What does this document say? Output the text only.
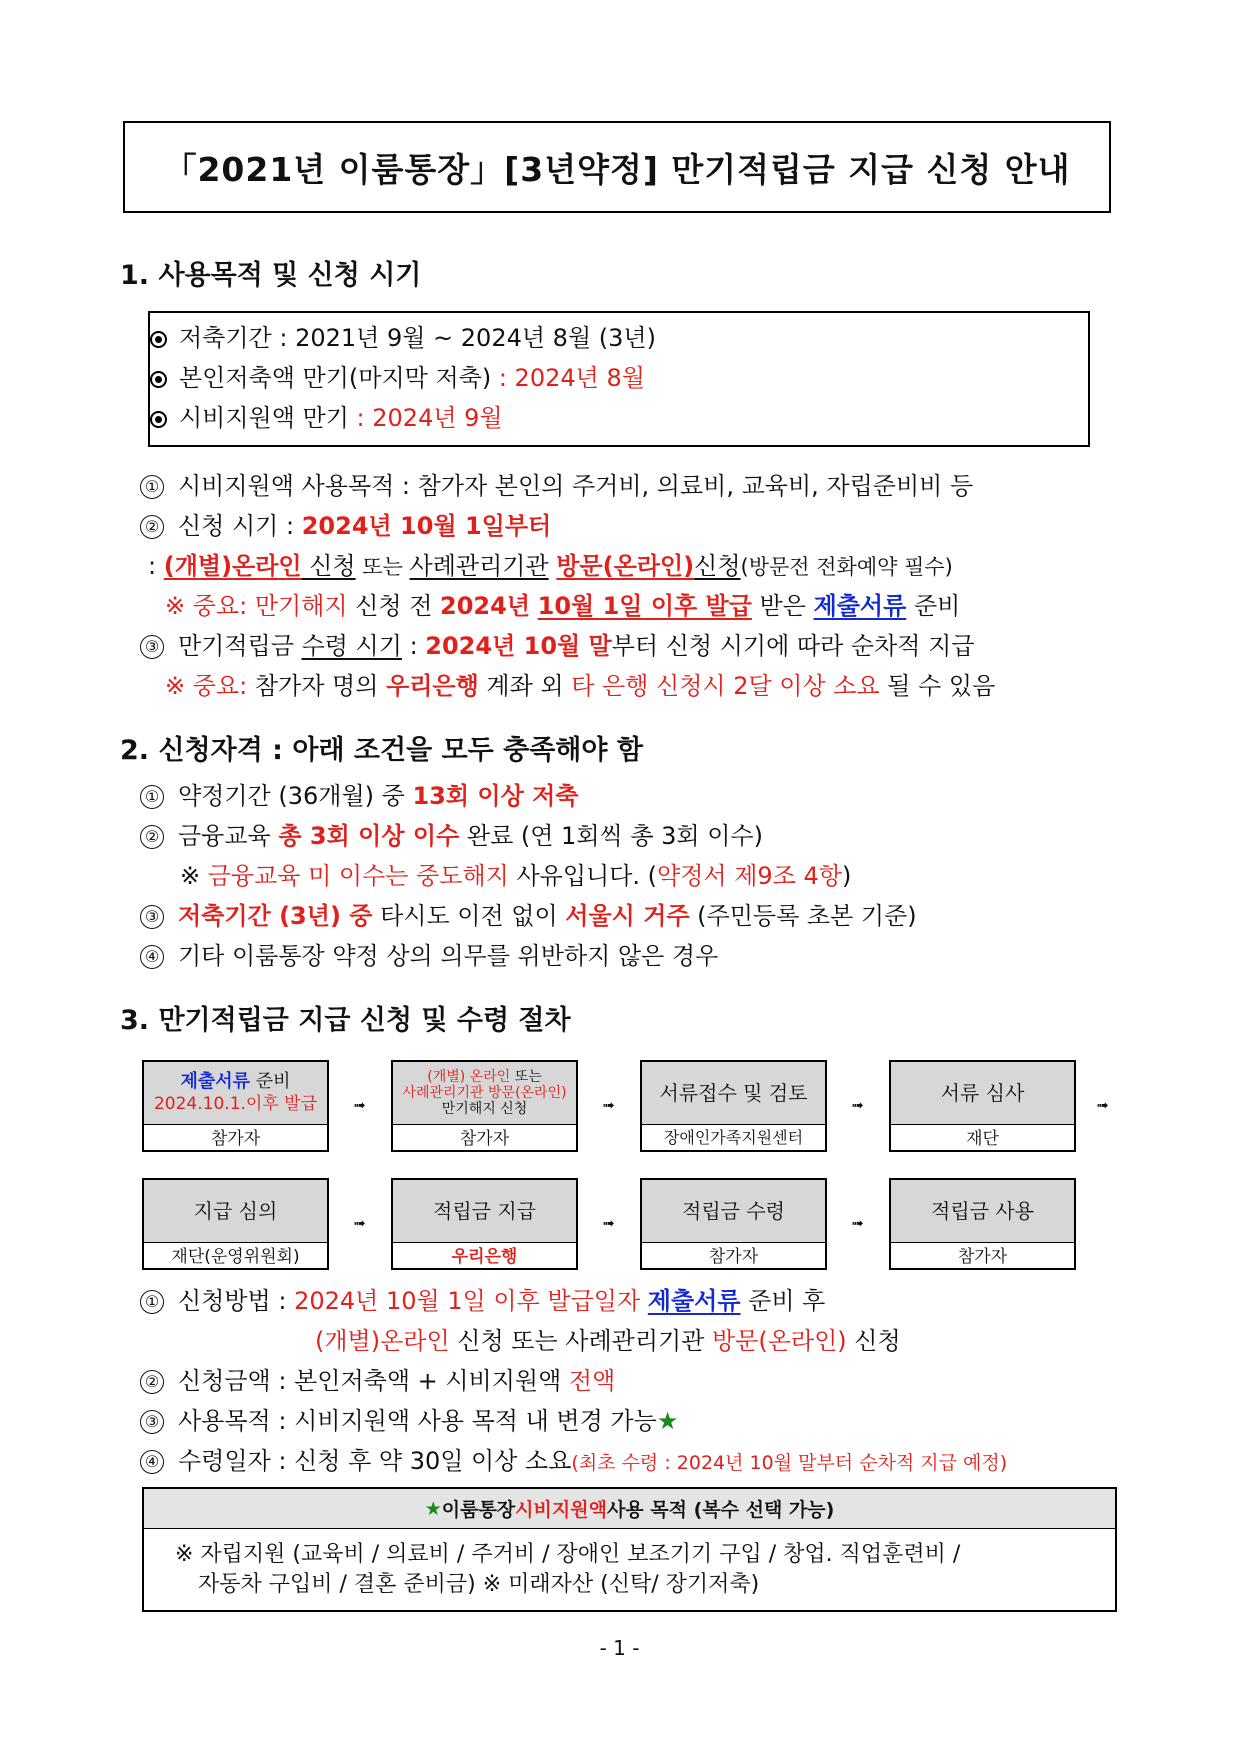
「2021년 이룸통장」[3년약정] 만기적립금 지급 신청 안내
1. 사용목적 및 신청 시기
저축기간 : 2021년 9월 ~ 2024년 8월 (3년)
본인저축액 만기(마지막 저축) : 2024년 8월
시비지원액 만기 : 2024년 9월
① 시비지원액 사용목적 : 참가자 본인의 주거비, 의료비, 교육비, 자립준비비 등
② 신청 시기 : 2024년 10월 1일부터
: (개별)온라인 신청 또는 사례관리기관 방문(온라인)신청(방문전 전화예약 필수)
※ 중요: 만기해지 신청 전 2024년 10월 1일 이후 발급 받은 제출서류 준비
③ 만기적립금 수령 시기 : 2024년 10월 말부터 신청 시기에 따라 순차적 지급
※ 중요: 참가자 명의 우리은행 계좌 외 타 은행 신청시 2달 이상 소요 될 수 있음
2. 신청자격 : 아래 조건을 모두 충족해야 함
① 약정기간 (36개월) 중 13회 이상 저축
② 금융교육 총 3회 이상 이수 완료 (연 1회씩 총 3회 이수)
※ 금융교육 미 이수는 중도해지 사유입니다. (약정서 제9조 4항)
③ 저축기간 (3년) 중 타시도 이전 없이 서울시 거주 (주민등록 초본 기준)
④ 기타 이룸통장 약정 상의 의무를 위반하지 않은 경우
3. 만기적립금 지급 신청 및 수령 절차
제출서류 준비
2024.10.1.이후 발급
참가자
➟
(개별) 온라인 또는
사례관리기관 방문(온라인)
만기해지 신청
참가자
➟ 서류접수 및 검토
장애인가족지원센터
➟	서류 심사
재단
➟
지급 심의
재단(운영위원회)
➟	적립금 지급
우리은행
➟	적립금 수령
참가자
➟	적립금 사용
참가자
① 신청방법 : 2024년 10월 1일 이후 발급일자 제출서류 준비 후
(개별)온라인 신청 또는 사례관리기관 방문(온라인) 신청
② 신청금액 : 본인저축액 + 시비지원액 전액
③ 사용목적 : 시비지원액 사용 목적 내 변경 가능★
④ 수령일자 : 신청 후 약 30일 이상 소요(최초 수령 : 2024년 10월 말부터 순차적 지급 예정)
★ 이룸통장 시비지원액 사용 목적 (복수 선택 가능)
※ 자립지원 (교육비 / 의료비 / 주거비 / 장애인 보조기기 구입 / 창업. 직업훈련비 /
자동차 구입비 / 결혼 준비금) ※ 미래자산 (신탁/ 장기저축)
- 1 -
